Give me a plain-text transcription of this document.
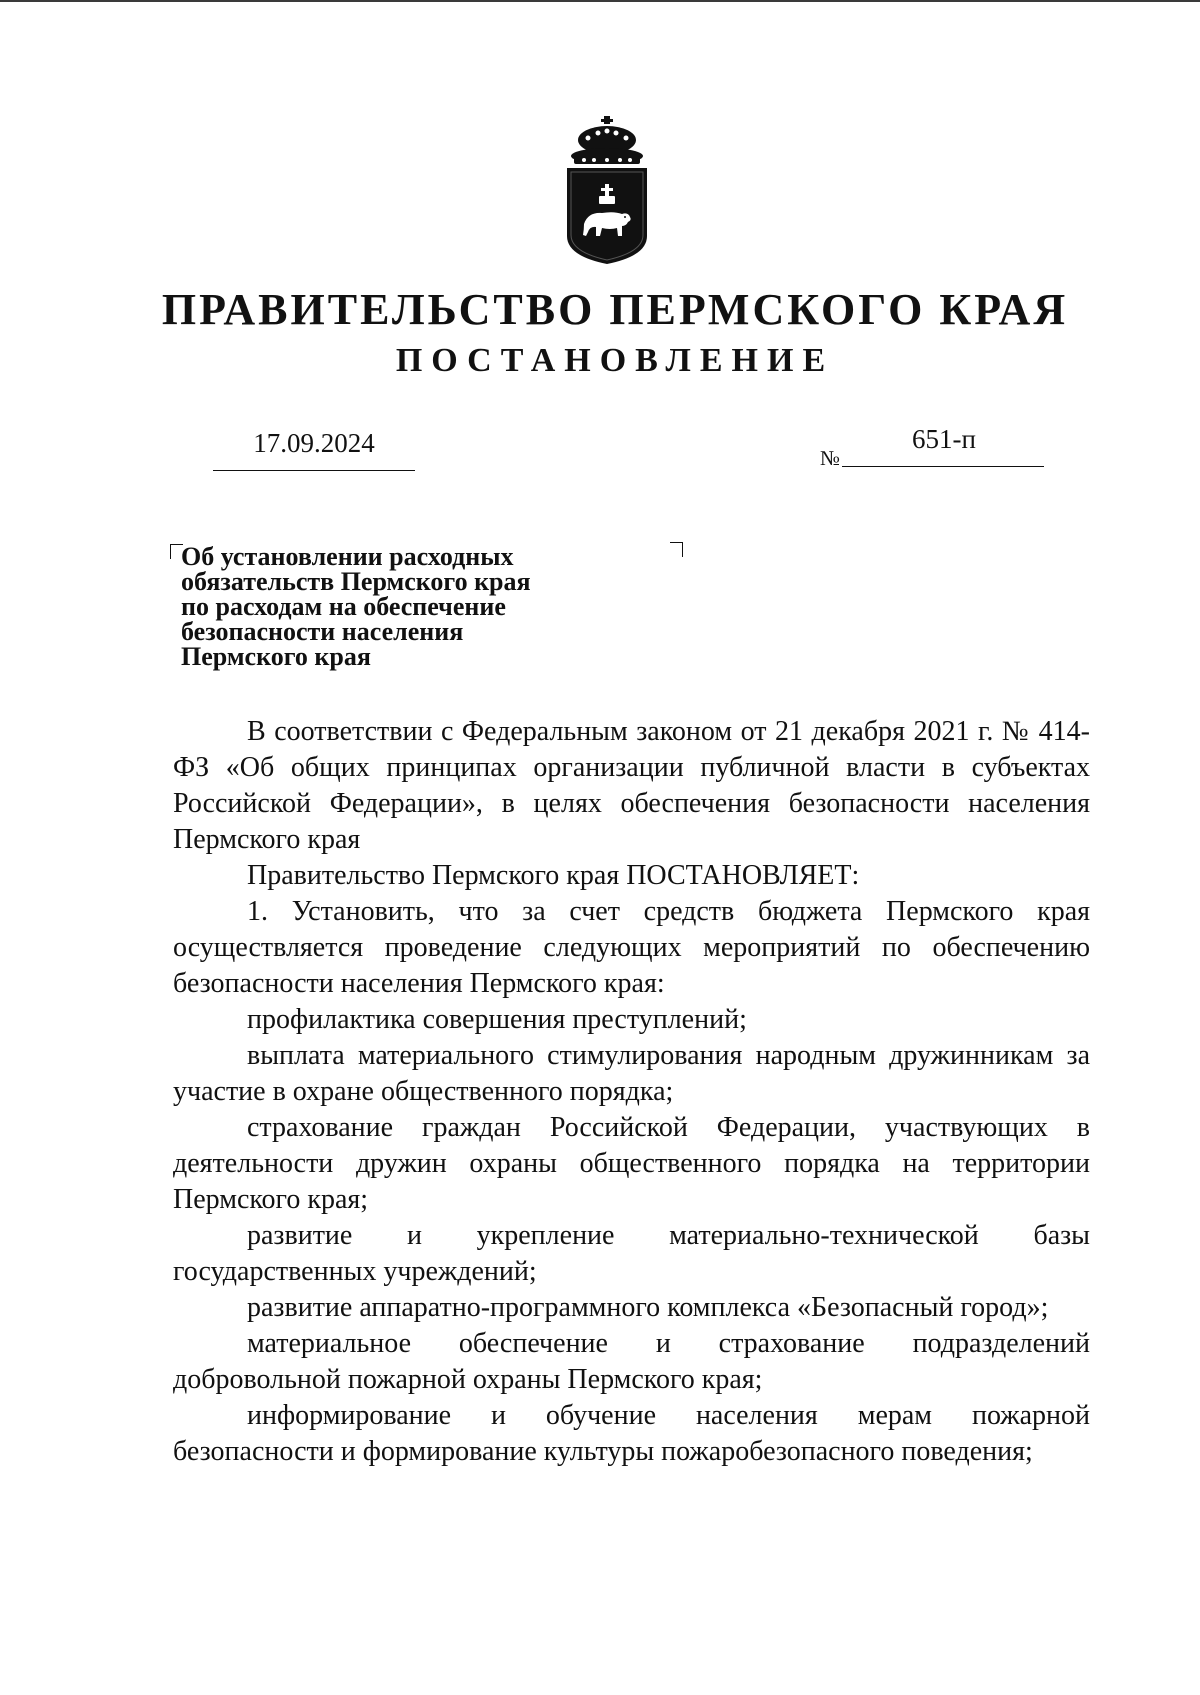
ПРАВИТЕЛЬСТВО ПЕРМСКОГО КРАЯ
ПОСТАНОВЛЕНИЕ
17.09.2024	№
651-п
Об установлении расходных
обязательств Пермского края
по расходам на обеспечение
безопасности населения
Пермского края

В соответствии с Федеральным законом от 21 декабря 2021 г. № 414-ФЗ «Об общих принципах организации публичной власти в субъектах Российской Федерации», в целях обеспечения безопасности населения Пермского края

Правительство Пермского края ПОСТАНОВЛЯЕТ:

1. Установить, что за счет средств бюджета Пермского края осуществляется проведение следующих мероприятий по обеспечению безопасности населения Пермского края:

профилактика совершения преступлений;

выплата материального стимулирования народным дружинникам за участие в охране общественного порядка;

страхование граждан Российской Федерации, участвующих в деятельности дружин охраны общественного порядка на территории Пермского края;

развитие и укрепление материально-технической базы государственных учреждений;

развитие аппаратно-программного комплекса «Безопасный город»;

материальное обеспечение и страхование подразделений добровольной пожарной охраны Пермского края;

информирование и обучение населения мерам пожарной безопасности и формирование культуры пожаробезопасного поведения;
